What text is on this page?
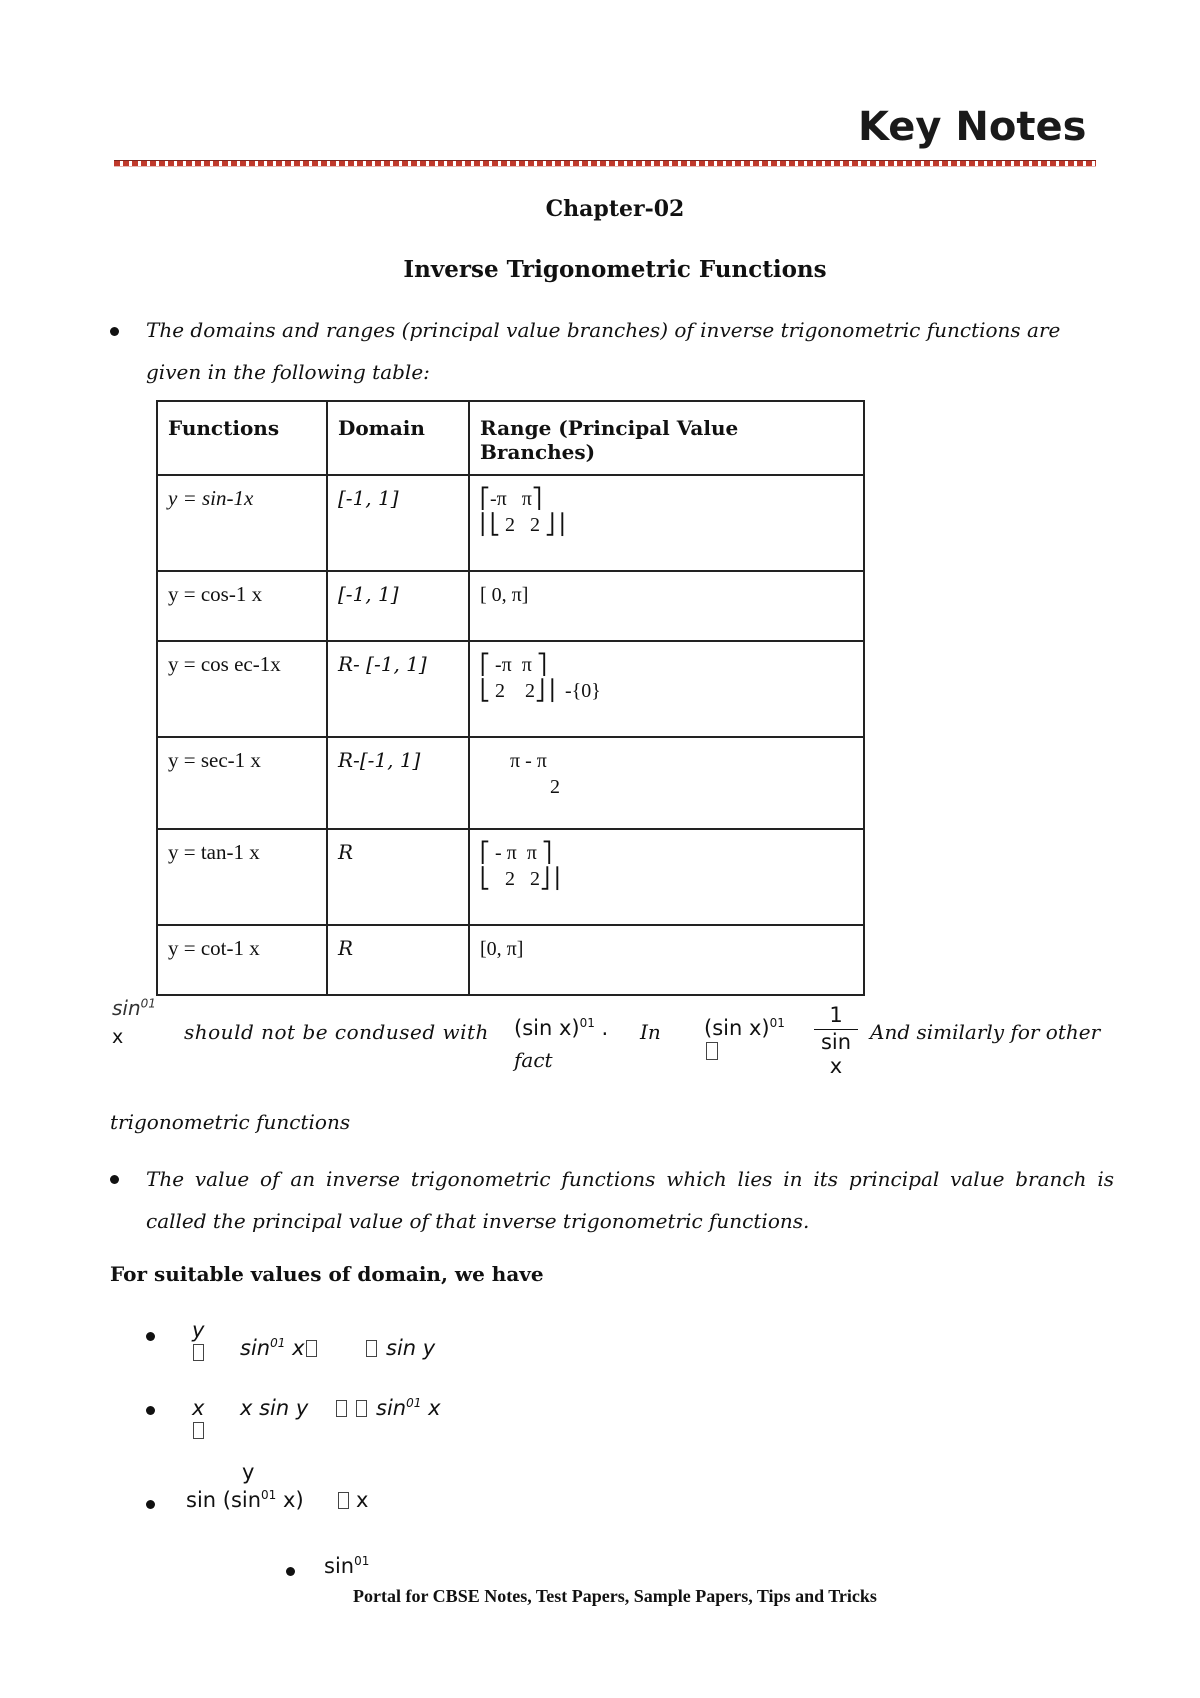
Key Notes
Chapter-02
Inverse Trigonometric Functions
The domains and ranges (principal value branches) of inverse trigonometric functions are
given in the following table:
Functions	Domain	Range (Principal Value Branches)
y = sin-1x	[-1, 1]	⎡-π   π⎤
⎢⎣ 2   2 ⎦⎥

y = cos-1 x	[-1, 1]	[ 0, π]

y = cos ec-1x	R- [-1, 1]	⎡ -π  π ⎤
⎣ 2    2⎦⎥  -{0}

y = sec-1 x	R-[-1, 1]	π - π
2

y = tan-1 x	R	⎡ - π  π ⎤
⎣   2   2⎦⎥

y = cot-1 x	R	[0, π]
$\sin^{01}$
x	should not be condused with (sin x)$^{01}$ . In
fact
(sin x)$^{01}$	1
sin
x
And similarly for other
trigonometric functions
The value of an inverse trigonometric functions which lies in its principal value branch is
called the principal value of that inverse trigonometric functions.
For suitable values of domain, we have
y
$\sin^{01} x$	sin y
x x sin y	$\sin^{01} x$
y
$\sin (\sin^{01}$ x) x
$\sin^{01}$
Portal for CBSE Notes, Test Papers, Sample Papers, Tips and Tricks
